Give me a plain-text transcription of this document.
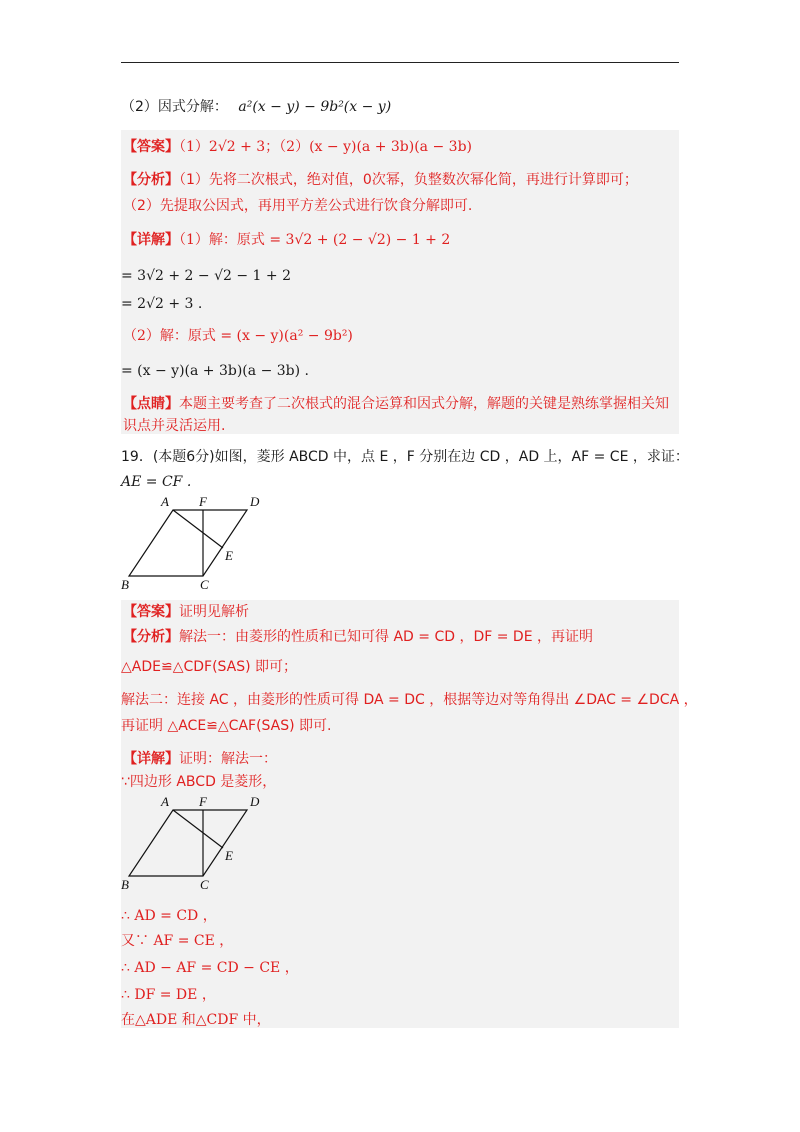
（2）因式分解： a²(x − y) − 9b²(x − y)
【答案】（1）2√2 + 3；（2）(x − y)(a + 3b)(a − 3b)
【分析】（1）先将二次根式，绝对值，0次幂，负整数次幂化简，再进行计算即可；
（2）先提取公因式，再用平方差公式进行饮食分解即可.
【详解】（1）解：原式 = 3√2 + (2 − √2) − 1 + 2
= 3√2 + 2 − √2 − 1 + 2
= 2√2 + 3 .
（2）解：原式 = (x − y)(a² − 9b²)
= (x − y)(a + 3b)(a − 3b) .
【点睛】本题主要考查了二次根式的混合运算和因式分解，解题的关键是熟练掌握相关知
识点并灵活运用.
19．(本题6分)如图，菱形 ABCD 中，点 E ，F 分别在边 CD ，AD 上，AF = CE ，求证：
AE = CF .
A F	D
E
B	C
【答案】证明见解析
【分析】解法一：由菱形的性质和已知可得 AD = CD ，DF = DE ，再证明
△ADE≌△CDF(SAS) 即可；
解法二：连接 AC ，由菱形的性质可得 DA = DC ，根据等边对等角得出 ∠DAC = ∠DCA ，
再证明 △ACE≌△CAF(SAS) 即可.
【详解】证明：解法一：
∵四边形 ABCD 是菱形，
A F	D
E
B	C
∴ AD = CD ，
又∵ AF = CE ，
∴ AD − AF = CD − CE ，
∴ DF = DE ，
在△ADE 和△CDF 中，
